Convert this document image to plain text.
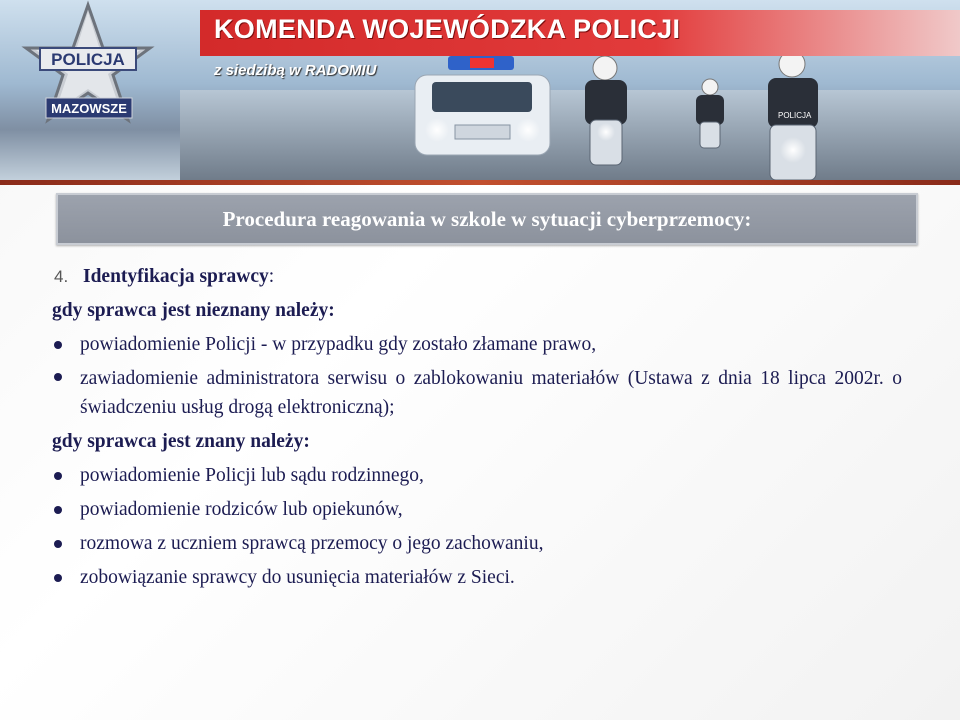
POLICJA
POLICJA
MAZOWSZE
KOMENDA WOJEWÓDZKA POLICJI
z siedzibą w RADOMIU
Procedura reagowania w szkole w sytuacji cyberprzemocy:
4. Identyfikacja sprawcy:
gdy sprawca jest nieznany należy:
powiadomienie Policji - w przypadku gdy zostało złamane prawo,
zawiadomienie administratora serwisu o zablokowaniu materiałów (Ustawa z dnia 18 lipca 2002r. o świadczeniu usług drogą elektroniczną);
gdy sprawca jest znany należy:
powiadomienie Policji lub sądu rodzinnego,
powiadomienie rodziców lub opiekunów,
rozmowa z uczniem sprawcą przemocy o jego zachowaniu,
zobowiązanie sprawcy do usunięcia materiałów z Sieci.
